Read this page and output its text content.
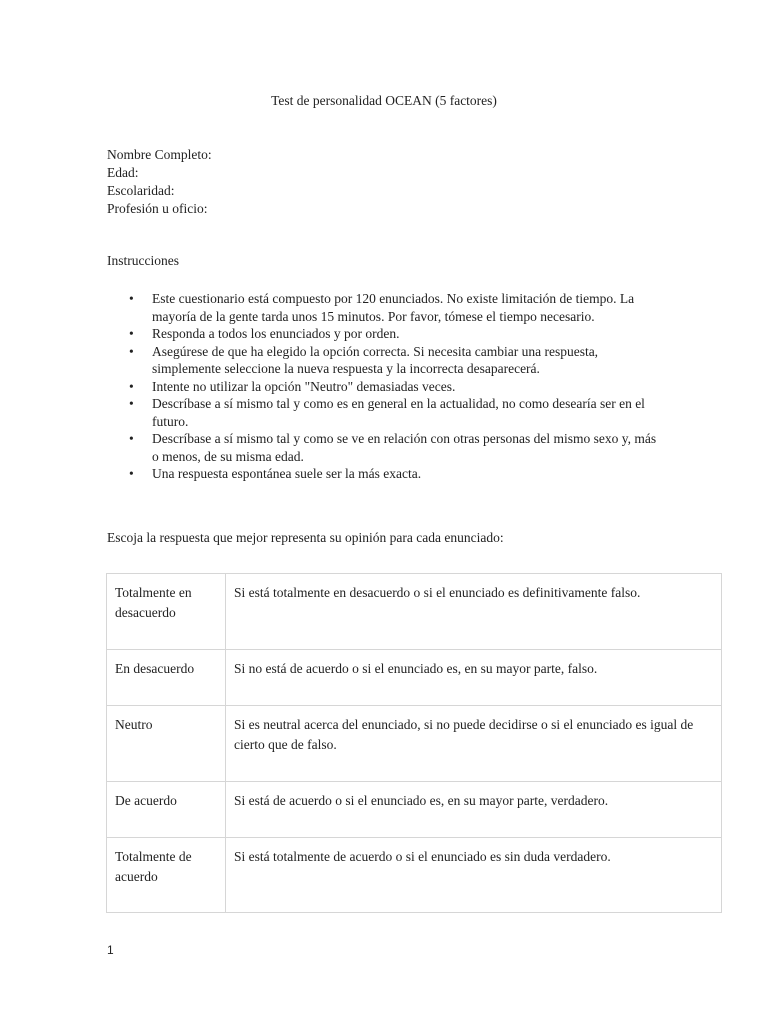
Test de personalidad OCEAN (5 factores)
Nombre Completo:
Edad:
Escolaridad:
Profesión u oficio:
Instrucciones
• Este cuestionario está compuesto por 120 enunciados. No existe limitación de tiempo. La mayoría de la gente tarda unos 15 minutos. Por favor, tómese el tiempo necesario.
• Responda a todos los enunciados y por orden.
• Asegúrese de que ha elegido la opción correcta. Si necesita cambiar una respuesta, simplemente seleccione la nueva respuesta y la incorrecta desaparecerá.
• Intente no utilizar la opción "Neutro" demasiadas veces.
• Descríbase a sí mismo tal y como es en general en la actualidad, no como desearía ser en el futuro.
• Descríbase a sí mismo tal y como se ve en relación con otras personas del mismo sexo y, más o menos, de su misma edad.
• Una respuesta espontánea suele ser la más exacta.
Escoja la respuesta que mejor representa su opinión para cada enunciado:
Totalmente en desacuerdo	Si está totalmente en desacuerdo o si el enunciado es definitivamente falso.
En desacuerdo	Si no está de acuerdo o si el enunciado es, en su mayor parte, falso.
Neutro	Si es neutral acerca del enunciado, si no puede decidirse o si el enunciado es igual de cierto que de falso.
De acuerdo	Si está de acuerdo o si el enunciado es, en su mayor parte, verdadero.
Totalmente de acuerdo	Si está totalmente de acuerdo o si el enunciado es sin duda verdadero.
1
